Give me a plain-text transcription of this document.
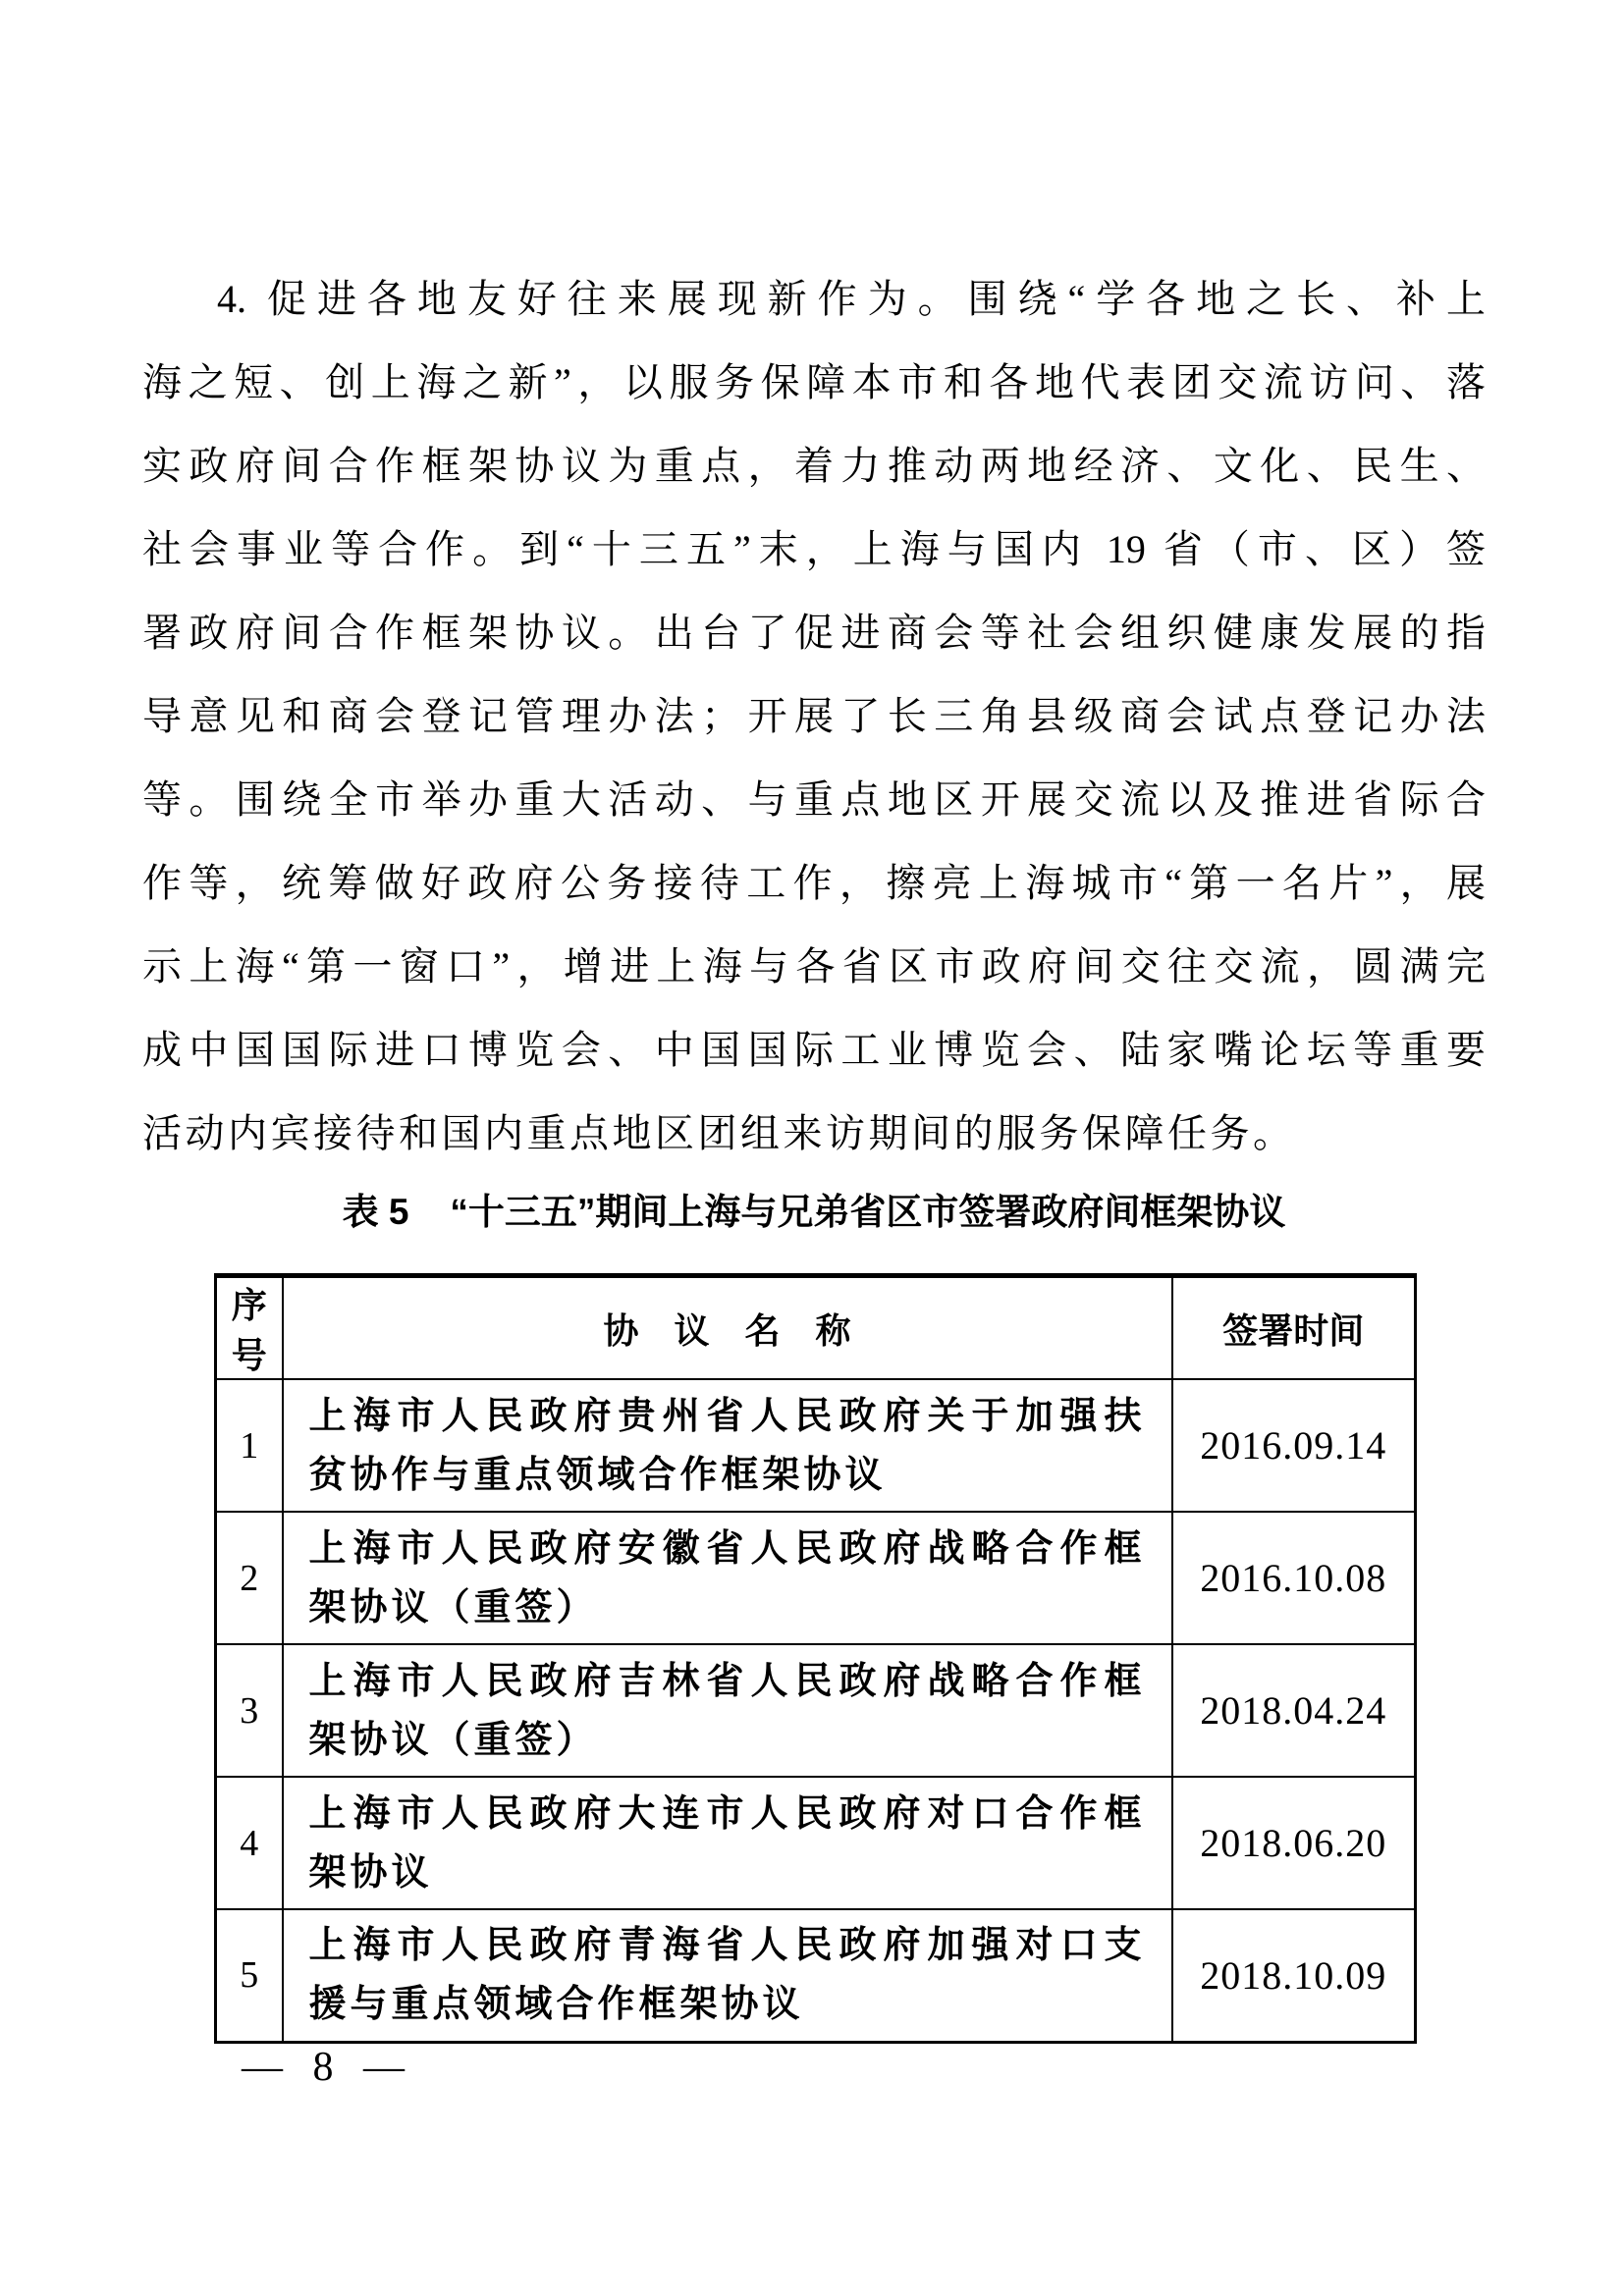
4. 促进各地友好往来展现新作为。围绕“学各地之长、补上
海之短、创上海之新”，以服务保障本市和各地代表团交流访问、落
实政府间合作框架协议为重点，着力推动两地经济、文化、民生、
社会事业等合作。到“十三五”末，上海与国内 19 省（市、区）签
署政府间合作框架协议。出台了促进商会等社会组织健康发展的指
导意见和商会登记管理办法；开展了长三角县级商会试点登记办法
等。围绕全市举办重大活动、与重点地区开展交流以及推进省际合
作等，统筹做好政府公务接待工作，擦亮上海城市“第一名片”，展
示上海“第一窗口”，增进上海与各省区市政府间交往交流，圆满完
成中国国际进口博览会、中国国际工业博览会、陆家嘴论坛等重要
活动内宾接待和国内重点地区团组来访期间的服务保障任务。
表 5 “十三五”期间上海与兄弟省区市签署政府间框架协议
序号	协　议　名　称	签署时间
1	上海市人民政府贵州省人民政府关于加强扶
贫协作与重点领域合作框架协议	2016.09.14
2	上海市人民政府安徽省人民政府战略合作框
架协议（重签）	2016.10.08
3	上海市人民政府吉林省人民政府战略合作框
架协议（重签）	2018.04.24
4	上海市人民政府大连市人民政府对口合作框
架协议	2018.06.20
5	上海市人民政府青海省人民政府加强对口支
援与重点领域合作框架协议	2018.10.09
— 8 —
